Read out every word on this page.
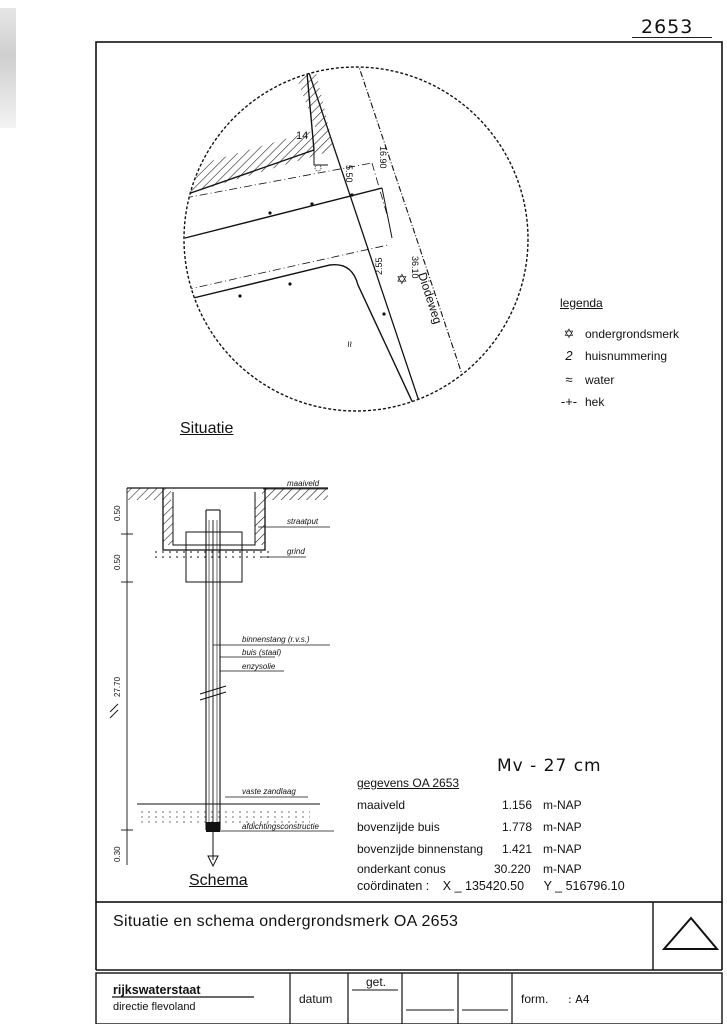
2653
✡
14
5.50
16.90
2.55	36.10
Diodeweg
≈
0.50
0.50
27.70
0.30
maaiveld
straatput
grind
binnenstang (r.v.s.)
buis (staal)
enzysolie
vaste zandlaag
afdichtingsconstructie
legenda
✡ ondergrondsmerk
2	huisnummering
≈	water
-+- hek
Situatie
Schema
Mv - 27 cm
gegevens OA 2653
maaiveld	1.156 m-NAP
bovenzijde buis	1.778 m-NAP
bovenzijde binnenstang 1.421 m-NAP
onderkant conus	30.220 m-NAP
coördinaten : X _ 135420.50 Y _ 516796.10
Situatie en schema ondergrondsmerk OA 2653
rijkswaterstaat
directie flevoland
datum
get.
form. : A4
